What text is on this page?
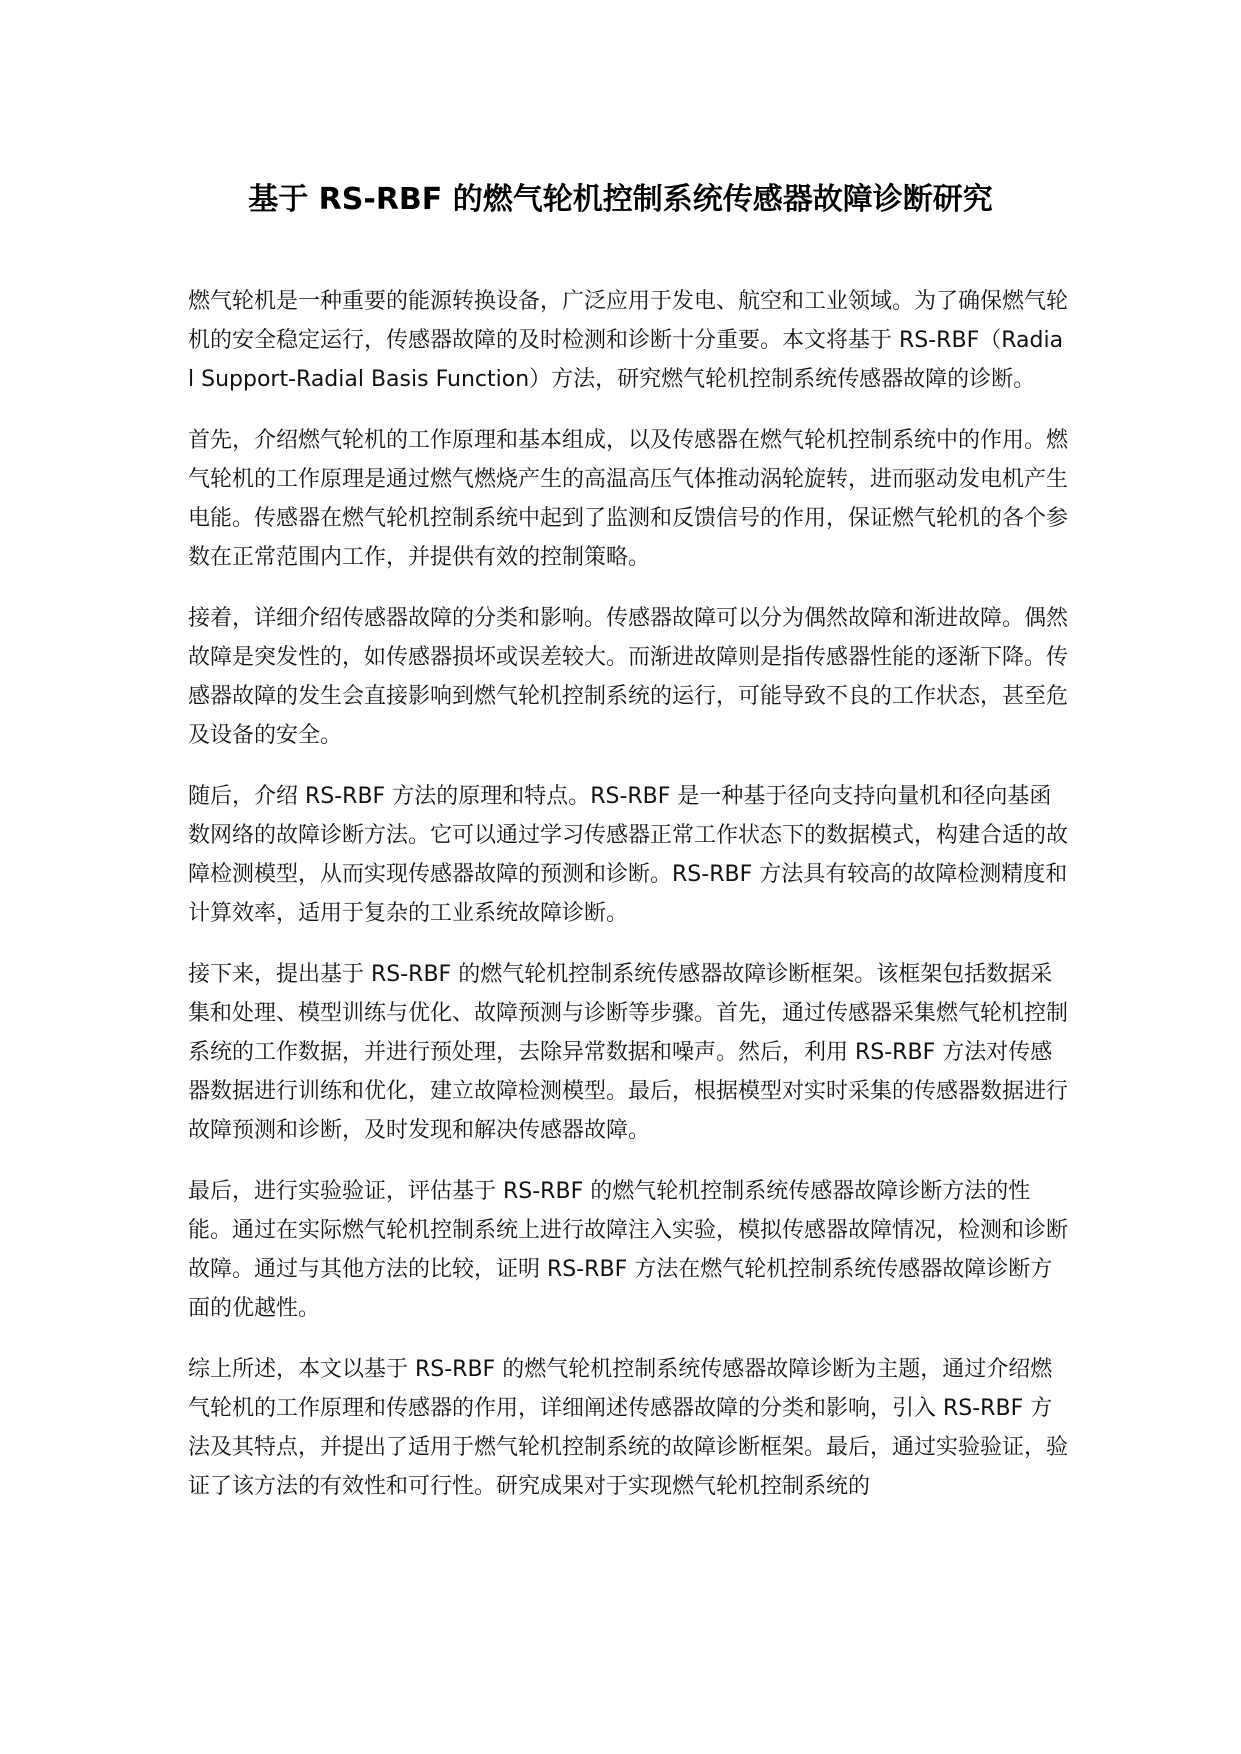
基于 RS-RBF 的燃气轮机控制系统传感器故障诊断研究

燃气轮机是一种重要的能源转换设备，广泛应用于发电、航空和工业领域。为了确保燃气轮机的安全稳定运行，传感器故障的及时检测和诊断十分重要。本文将基于 RS-RBF（Radial Support-Radial Basis Function）方法，研究燃气轮机控制系统传感器故障的诊断。

首先，介绍燃气轮机的工作原理和基本组成，以及传感器在燃气轮机控制系统中的作用。燃气轮机的工作原理是通过燃气燃烧产生的高温高压气体推动涡轮旋转，进而驱动发电机产生电能。传感器在燃气轮机控制系统中起到了监测和反馈信号的作用，保证燃气轮机的各个参数在正常范围内工作，并提供有效的控制策略。

接着，详细介绍传感器故障的分类和影响。传感器故障可以分为偶然故障和渐进故障。偶然故障是突发性的，如传感器损坏或误差较大。而渐进故障则是指传感器性能的逐渐下降。传感器故障的发生会直接影响到燃气轮机控制系统的运行，可能导致不良的工作状态，甚至危及设备的安全。

随后，介绍 RS-RBF 方法的原理和特点。RS-RBF 是一种基于径向支持向量机和径向基函数网络的故障诊断方法。它可以通过学习传感器正常工作状态下的数据模式，构建合适的故障检测模型，从而实现传感器故障的预测和诊断。RS-RBF 方法具有较高的故障检测精度和计算效率，适用于复杂的工业系统故障诊断。

接下来，提出基于 RS-RBF 的燃气轮机控制系统传感器故障诊断框架。该框架包括数据采集和处理、模型训练与优化、故障预测与诊断等步骤。首先，通过传感器采集燃气轮机控制系统的工作数据，并进行预处理，去除异常数据和噪声。然后，利用 RS-RBF 方法对传感器数据进行训练和优化，建立故障检测模型。最后，根据模型对实时采集的传感器数据进行故障预测和诊断，及时发现和解决传感器故障。

最后，进行实验验证，评估基于 RS-RBF 的燃气轮机控制系统传感器故障诊断方法的性能。通过在实际燃气轮机控制系统上进行故障注入实验，模拟传感器故障情况，检测和诊断故障。通过与其他方法的比较，证明 RS-RBF 方法在燃气轮机控制系统传感器故障诊断方面的优越性。

综上所述，本文以基于 RS-RBF 的燃气轮机控制系统传感器故障诊断为主题，通过介绍燃气轮机的工作原理和传感器的作用，详细阐述传感器故障的分类和影响，引入 RS-RBF 方法及其特点，并提出了适用于燃气轮机控制系统的故障诊断框架。最后，通过实验验证，验证了该方法的有效性和可行性。研究成果对于实现燃气轮机控制系统的
